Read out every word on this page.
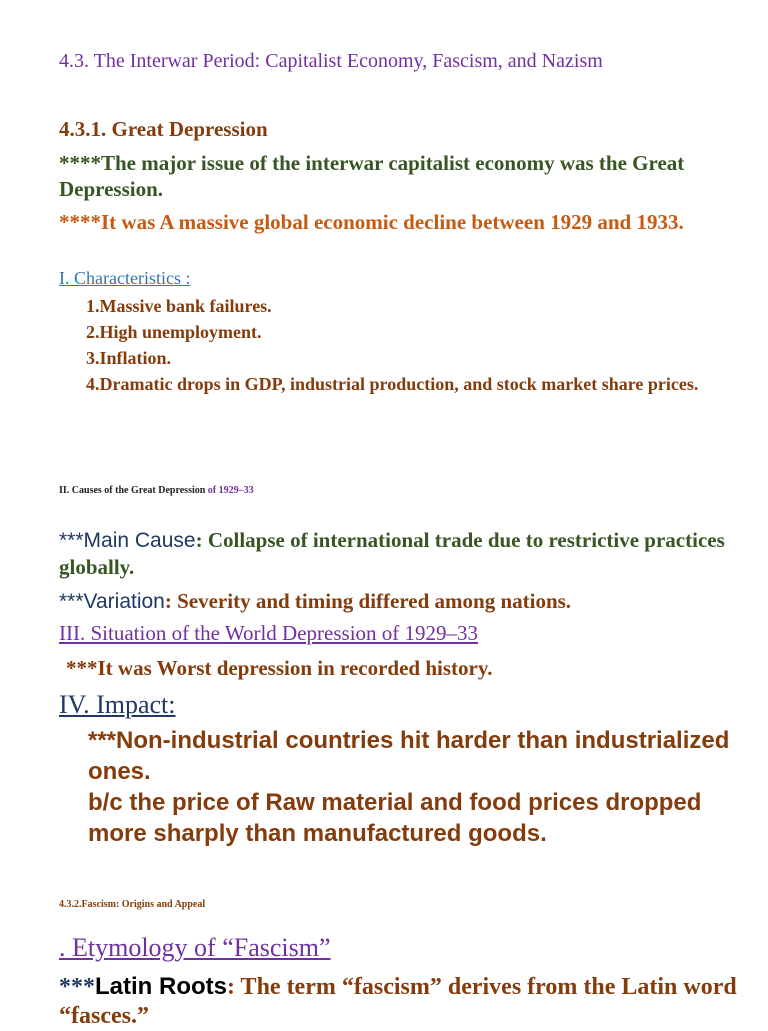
4.3. The Interwar Period: Capitalist Economy, Fascism, and Nazism
4.3.1. Great Depression
****The major issue of the interwar capitalist economy was the Great Depression.
****It was A massive global economic decline between 1929 and 1933.
I. Characteristics :
1.Massive bank failures.
2.High unemployment.
3.Inflation.
4.Dramatic drops in GDP, industrial production, and stock market share prices.
II. Causes of the Great Depression of 1929–33
***Main Cause: Collapse of international trade due to restrictive practices globally.
***Variation: Severity and timing differed among nations.
III. Situation of the World Depression of 1929–33
***It was Worst depression in recorded history.
IV. Impact:
***Non-industrial countries hit harder than industrialized ones.
b/c the price of Raw material and food prices dropped more sharply than manufactured goods.
4.3.2.Fascism: Origins and Appeal
. Etymology of “Fascism”
***Latin Roots: The term “fascism” derives from the Latin word “fasces.”
